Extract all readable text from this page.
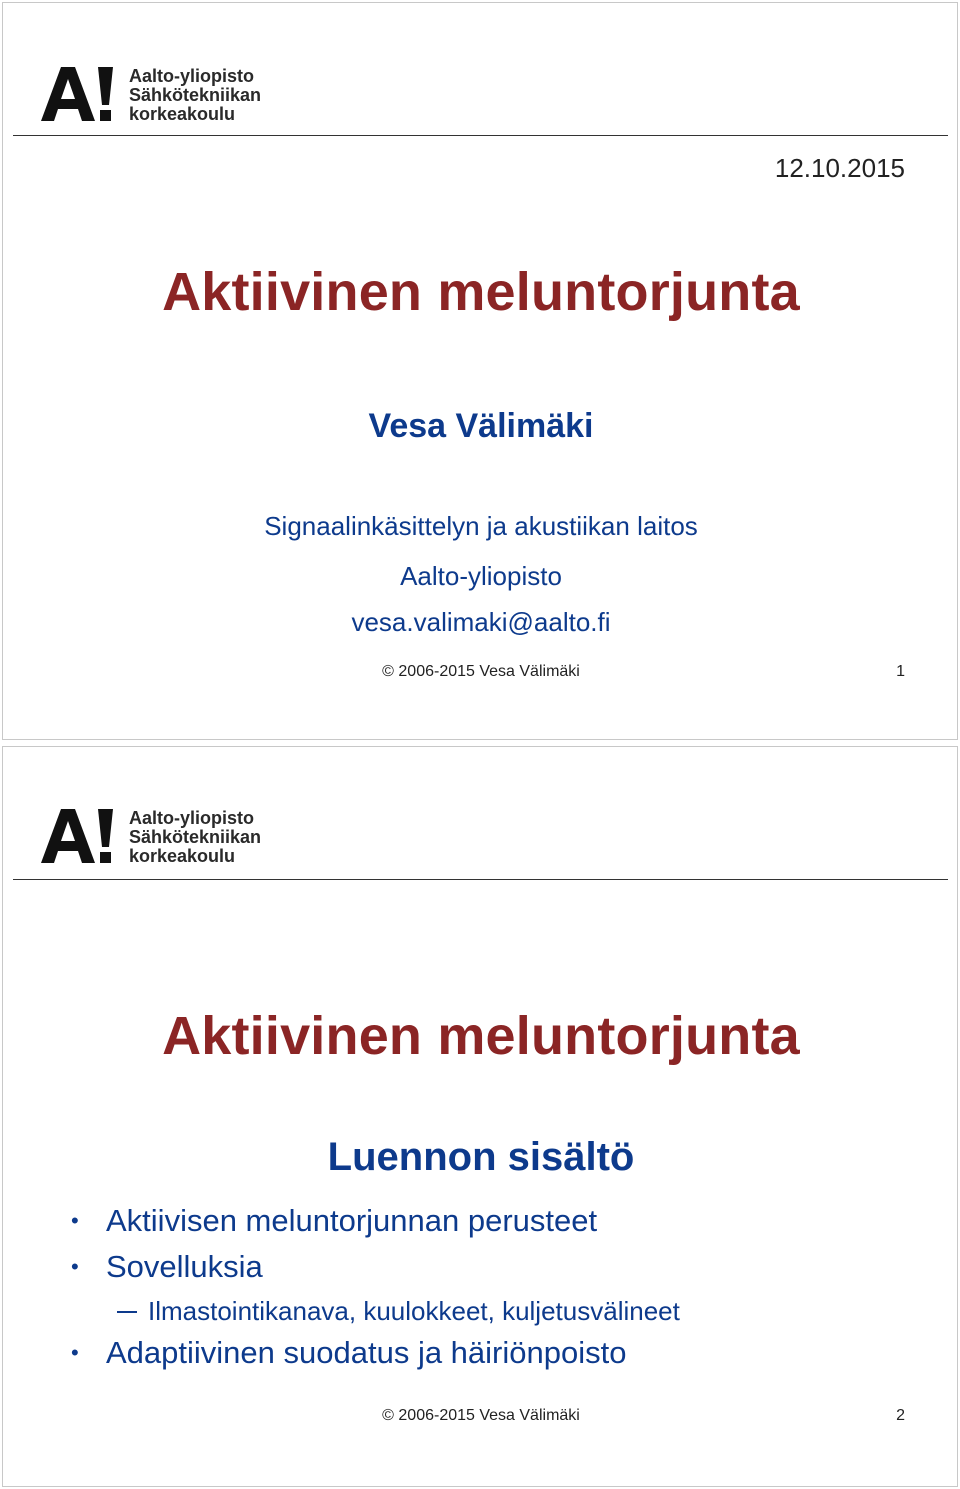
Aalto-yliopisto
Sähkötekniikan
korkeakoulu
12.10.2015
Aktiivinen meluntorjunta
Vesa Välimäki
Signaalinkäsittelyn ja akustiikan laitos
Aalto-yliopisto
vesa.valimaki@aalto.fi
© 2006-2015 Vesa Välimäki	1
Aalto-yliopisto
Sähkötekniikan
korkeakoulu
Aktiivinen meluntorjunta
Luennon sisältö
• Aktiivisen meluntorjunnan perusteet
• Sovelluksia
Ilmastointikanava, kuulokkeet, kuljetusvälineet
• Adaptiivinen suodatus ja häiriönpoisto
© 2006-2015 Vesa Välimäki	2
